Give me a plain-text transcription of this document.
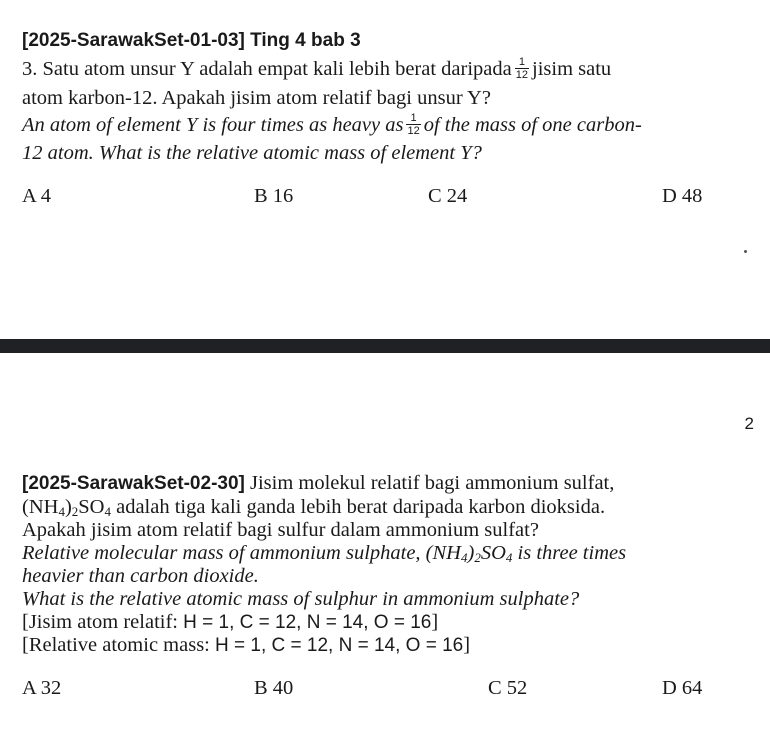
[2025-SarawakSet-01-03] Ting 4 bab 3
3. Satu atom unsur Y adalah empat kali lebih berat daripada $\frac{1}{12}$ jisim satu
atom karbon-12. Apakah jisim atom relatif bagi unsur Y?
An atom of element Y is four times as heavy as $\frac{1}{12}$ of the mass of one carbon-
12 atom. What is the relative atomic mass of element Y?
A 4	B 16	C 24	D 48
2
[2025-SarawakSet-02-30] Jisim molekul relatif bagi ammonium sulfat,
$(NH_4)_2SO_4$ adalah tiga kali ganda lebih berat daripada karbon dioksida.
Apakah jisim atom relatif bagi sulfur dalam ammonium sulfat?
Relative molecular mass of ammonium sulphate, $(NH_4)_2SO_4$ is three times
heavier than carbon dioxide.
What is the relative atomic mass of sulphur in ammonium sulphate?
[Jisim atom relatif: H = 1, C = 12, N = 14, O = 16]
[Relative atomic mass: H = 1, C = 12, N = 14, O = 16]
A 32	B 40	C 52	D 64
